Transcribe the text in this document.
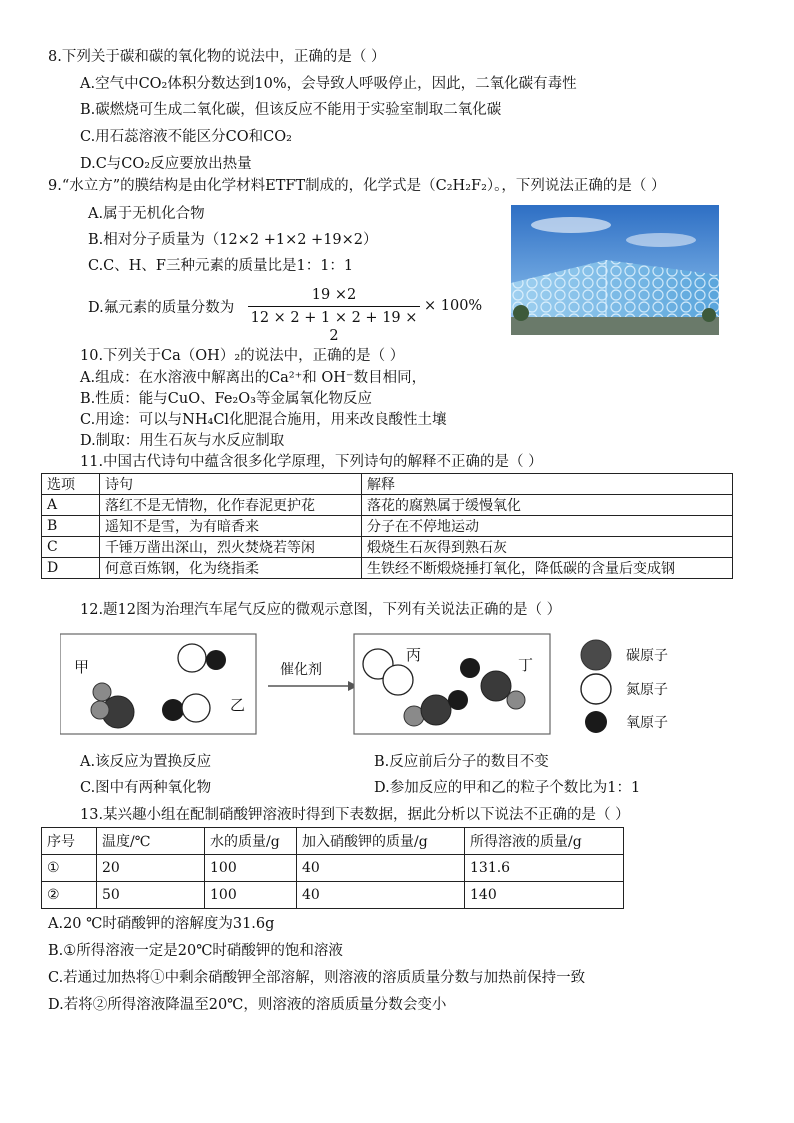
8.下列关于碳和碳的氧化物的说法中，正确的是（ ）
A.空气中CO₂体积分数达到10%，会导致人呼吸停止，因此，二氧化碳有毒性
B.碳燃烧可生成二氧化碳，但该反应不能用于实验室制取二氧化碳
C.用石蕊溶液不能区分CO和CO₂
D.C与CO₂反应要放出热量
9.“水立方”的膜结构是由化学材料ETFT制成的，化学式是（C₂H₂F₂）。，下列说法正确的是（ ）
A.属于无机化合物
B.相对分子质量为（12×2 +1×2 +19×2）
C.C、H、F三种元素的质量比是1：1：1
D.氟元素的质量分数为
19 ×2
12 × 2 + 1 × 2 + 19 × 2
× 100%
10.下列关于Ca（OH）₂的说法中，正确的是（ ）
A.组成：在水溶液中解离出的Ca²⁺和 OH⁻数目相同，
B.性质：能与CuO、Fe₂O₃等金属氧化物反应
C.用途：可以与NH₄Cl化肥混合施用，用来改良酸性土壤
D.制取：用生石灰与水反应制取
11.中国古代诗句中蕴含很多化学原理，下列诗句的解释不正确的是（ ）
选项	诗句	解释
A	落红不是无情物，化作春泥更护花	落花的腐熟属于缓慢氧化
B	遥知不是雪，为有暗香来	分子在不停地运动
C	千锤万凿出深山，烈火焚烧若等闲	煅烧生石灰得到熟石灰
D	何意百炼钢，化为绕指柔	生铁经不断煅烧捶打氧化，降低碳的含量后变成钢
12.题12图为治理汽车尾气反应的微观示意图，下列有关说法正确的是（ ）
甲
乙
催化剂
丙
丁	碳原子
氮原子
氧原子
A.该反应为置换反应	B.反应前后分子的数目不变
C.图中有两种氧化物	D.参加反应的甲和乙的粒子个数比为1：1
13.某兴趣小组在配制硝酸钾溶液时得到下表数据，据此分析以下说法不正确的是（ ）
序号	温度/℃	水的质量/g	加入硝酸钾的质量/g	所得溶液的质量/g
①	20	100	40	131.6
②	50	100	40	140
A.20 ℃时硝酸钾的溶解度为31.6g
B.①所得溶液一定是20℃时硝酸钾的饱和溶液
C.若通过加热将①中剩余硝酸钾全部溶解，则溶液的溶质质量分数与加热前保持一致
D.若将②所得溶液降温至20℃，则溶液的溶质质量分数会变小
